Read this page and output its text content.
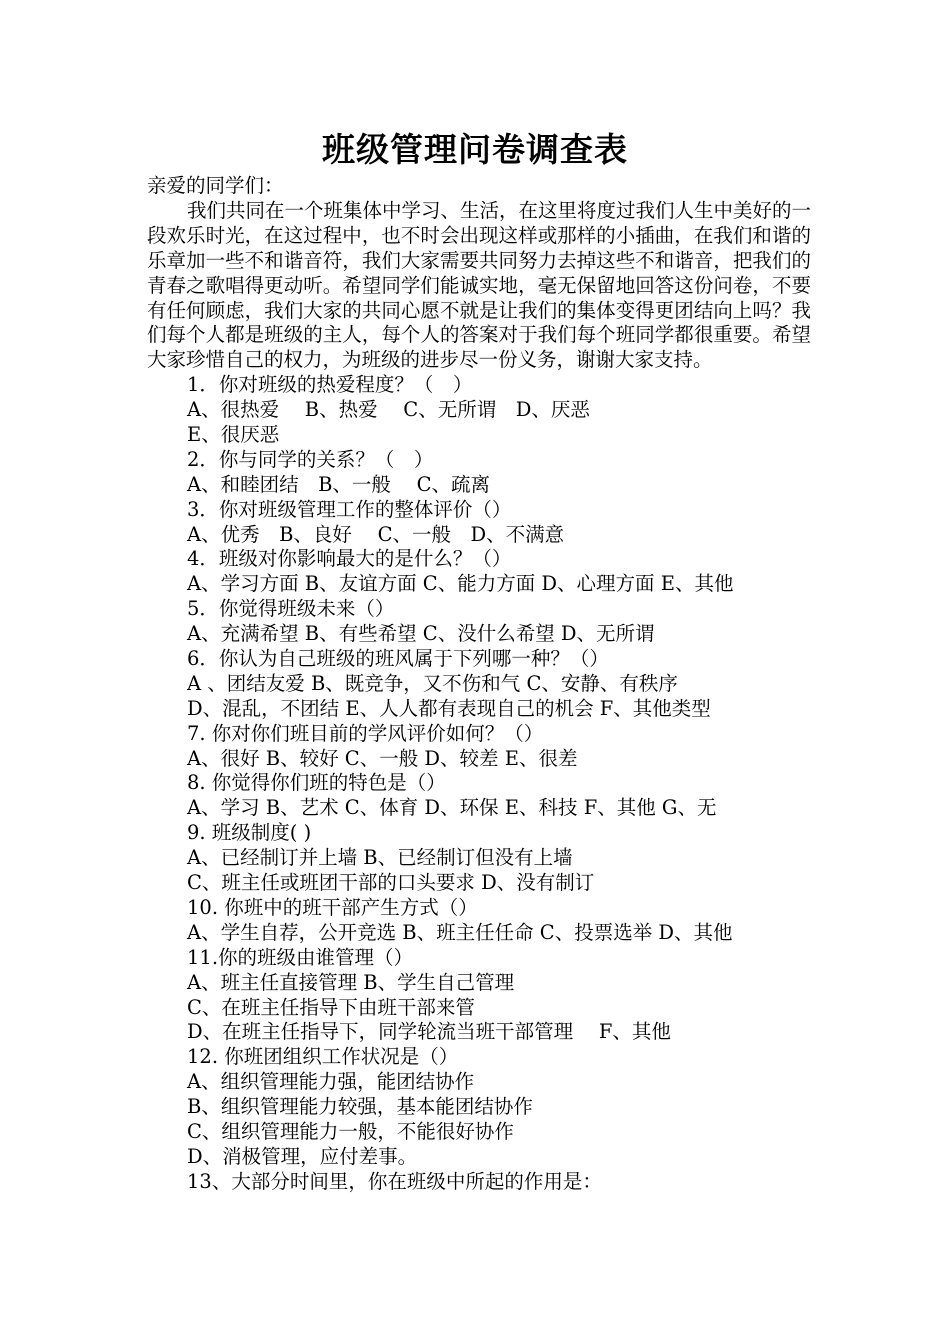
班级管理问卷调查表
亲爱的同学们：
我们共同在一个班集体中学习、生活，在这里将度过我们人生中美好的一段欢乐时光，在这过程中，也不时会出现这样或那样的小插曲，在我们和谐的乐章加一些不和谐音符，我们大家需要共同努力去掉这些不和谐音，把我们的青春之歌唱得更动听。希望同学们能诚实地，毫无保留地回答这份问卷，不要有任何顾虑，我们大家的共同心愿不就是让我们的集体变得更团结向上吗？我们每个人都是班级的主人，每个人的答案对于我们每个班同学都很重要。希望大家珍惜自己的权力，为班级的进步尽一份义务，谢谢大家支持。
1．你对班级的热爱程度？（　）
A、很热爱　 B、热爱　 C、无所谓　D、厌恶
E、很厌恶
2．你与同学的关系？（　）
A、和睦团结　B、一般　 C、疏离
3．你对班级管理工作的整体评价（）
A、优秀　B、良好　 C、一般　D、不满意
4．班级对你影响最大的是什么？（）
A、学习方面 B、友谊方面 C、能力方面 D、心理方面 E、其他
5．你觉得班级未来（）
A、充满希望 B、有些希望 C、没什么希望 D、无所谓
6．你认为自己班级的班风属于下列哪一种？（）
A 、团结友爱 B、既竞争，又不伤和气 C、安静、有秩序
D、混乱，不团结 E、人人都有表现自己的机会 F、其他类型
7. 你对你们班目前的学风评价如何？（）
A、很好 B、较好 C、一般 D、较差 E、很差
8. 你觉得你们班的特色是（）
A、学习 B、艺术 C、体育 D、环保 E、科技 F、其他 G、无
9. 班级制度( )
A、已经制订并上墙 B、已经制订但没有上墙
C、班主任或班团干部的口头要求 D、没有制订
10. 你班中的班干部产生方式（）
A、学生自荐，公开竞选 B、班主任任命 C、投票选举 D、其他
11.你的班级由谁管理（）
A、班主任直接管理 B、学生自己管理
C、在班主任指导下由班干部来管
D、在班主任指导下，同学轮流当班干部管理　 F、其他
12. 你班团组织工作状况是（）
A、组织管理能力强，能团结协作
B、组织管理能力较强，基本能团结协作
C、组织管理能力一般，不能很好协作
D、消极管理，应付差事。
13、大部分时间里，你在班级中所起的作用是：
